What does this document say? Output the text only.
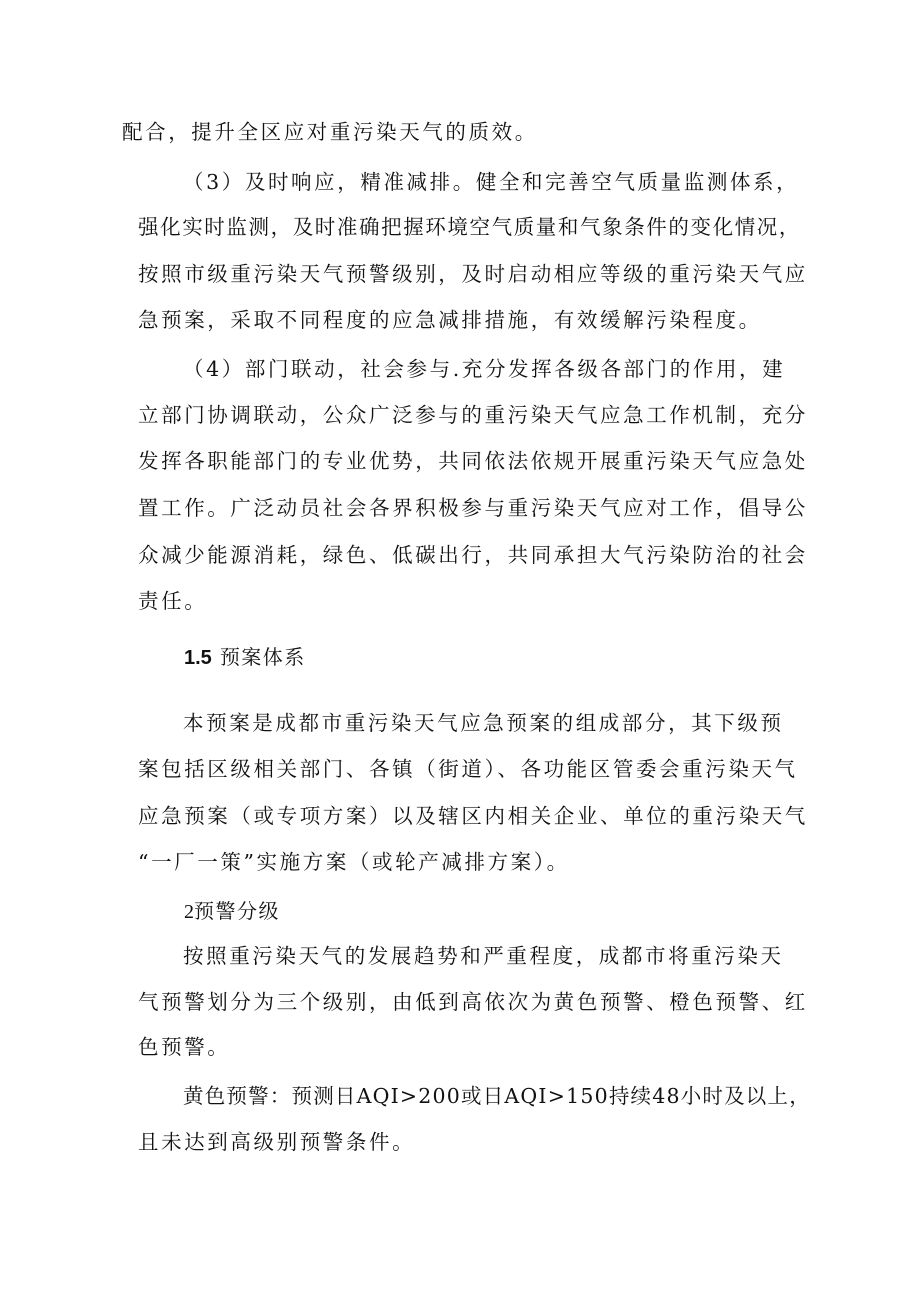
配合，提升全区应对重污染天气的质效。
（3）及时响应，精准减排。健全和完善空气质量监测体系，
强化实时监测，及时准确把握环境空气质量和气象条件的变化情况，
按照市级重污染天气预警级别，及时启动相应等级的重污染天气应
急预案，采取不同程度的应急减排措施，有效缓解污染程度。
（4）部门联动，社会参与.充分发挥各级各部门的作用，建
立部门协调联动，公众广泛参与的重污染天气应急工作机制，充分
发挥各职能部门的专业优势，共同依法依规开展重污染天气应急处
置工作。广泛动员社会各界积极参与重污染天气应对工作，倡导公
众减少能源消耗，绿色、低碳出行，共同承担大气污染防治的社会
责任。
1.5 预案体系
本预案是成都市重污染天气应急预案的组成部分，其下级预
案包括区级相关部门、各镇（街道）、各功能区管委会重污染天气
应急预案（或专项方案）以及辖区内相关企业、单位的重污染天气
“一厂一策”实施方案（或轮产减排方案）。
2预警分级
按照重污染天气的发展趋势和严重程度，成都市将重污染天
气预警划分为三个级别，由低到高依次为黄色预警、橙色预警、红
色预警。
黄色预警：预测日AQI>200或日AQI>150持续48小时及以上，
且未达到高级别预警条件。
